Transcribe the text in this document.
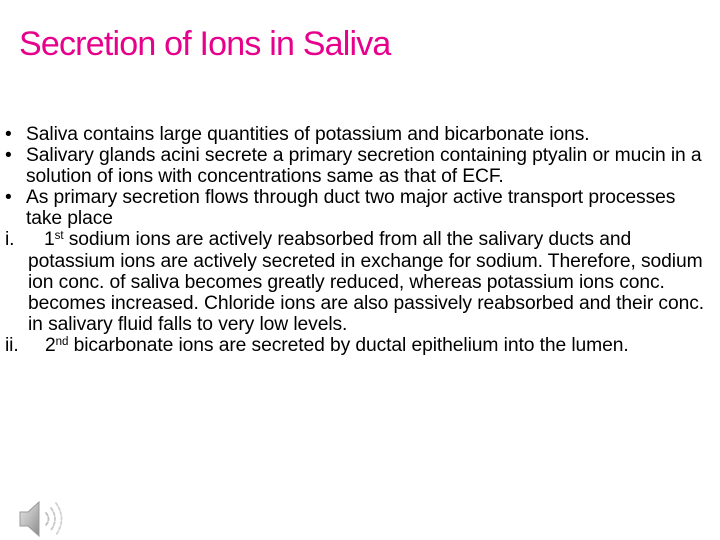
Secretion of Ions in Saliva
• Saliva contains large quantities of potassium and bicarbonate ions.
• Salivary glands acini secrete a primary secretion containing ptyalin or mucin in a solution of ions with concentrations same as that of ECF.
• As primary secretion flows through duct two major active transport processes take place
i.	1st sodium ions are actively reabsorbed from all the salivary ducts and potassium ions are actively secreted in exchange for sodium. Therefore, sodium ion conc. of saliva becomes greatly reduced, whereas potassium ions conc. becomes increased. Chloride ions are also passively reabsorbed and their conc. in salivary fluid falls to very low levels.
ii.	2nd bicarbonate ions are secreted by ductal epithelium into the lumen.
